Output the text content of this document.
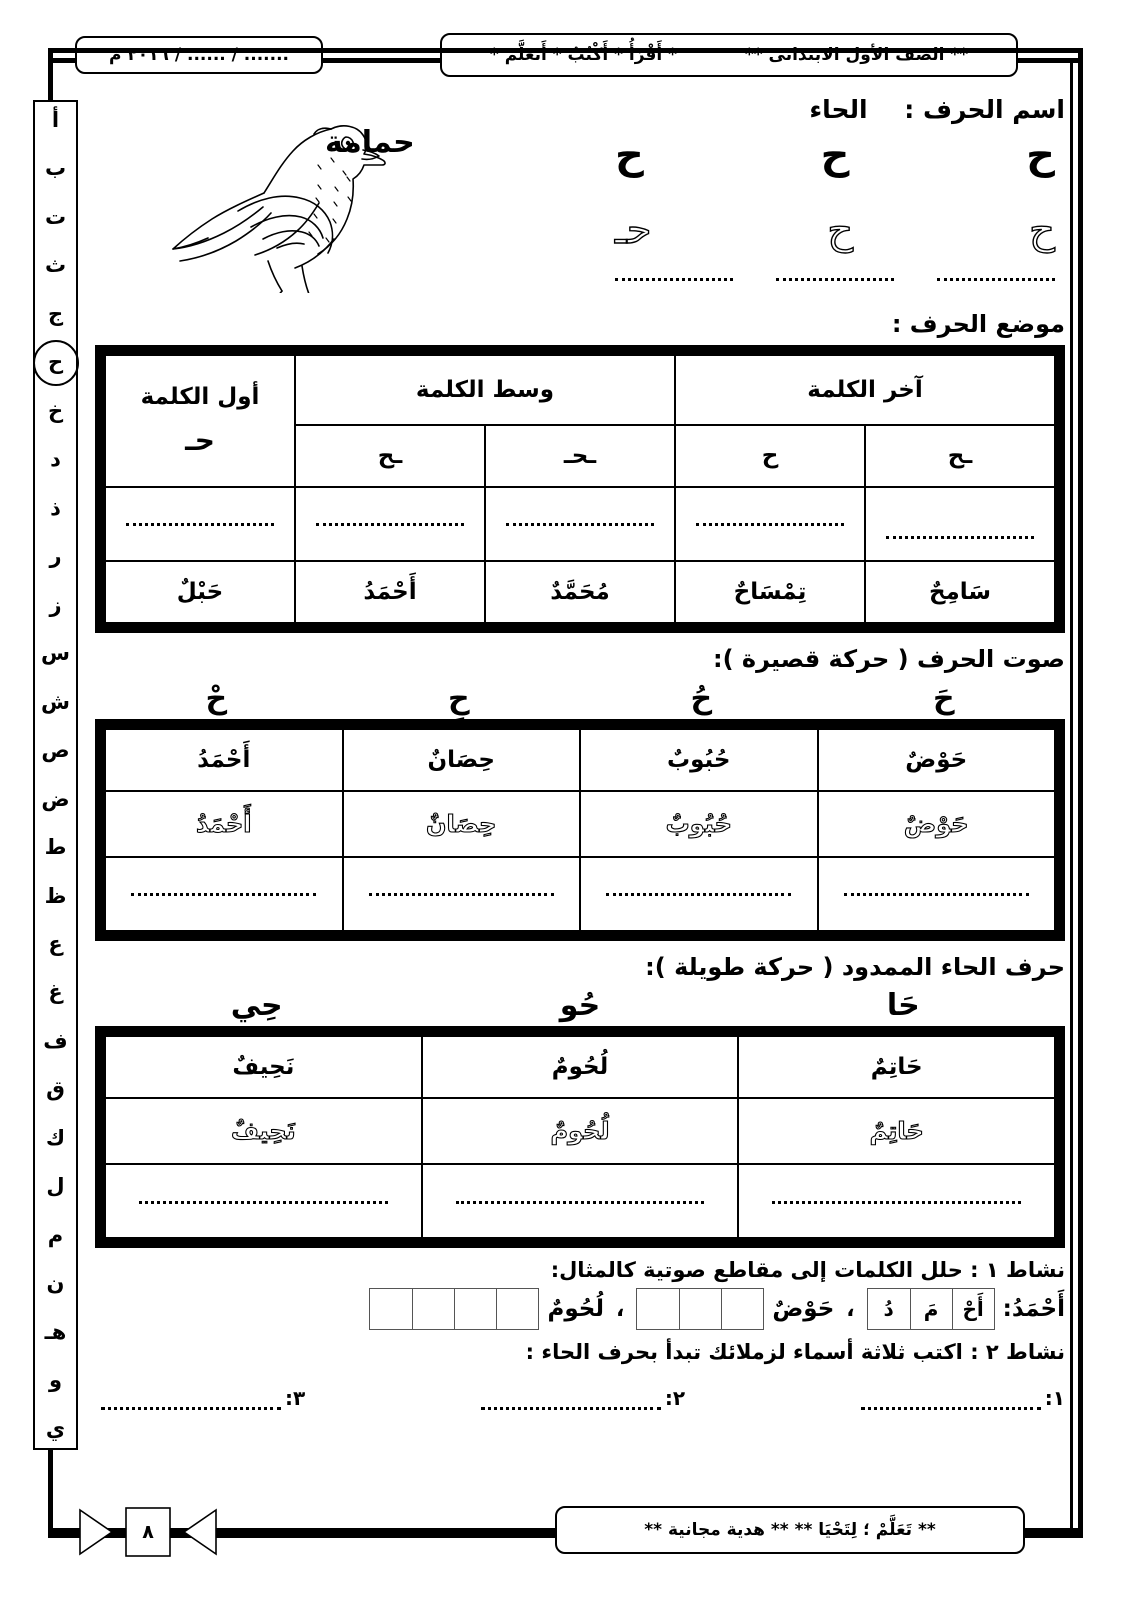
** الصف الأول الابتدائى **
* أَقْرَأُ * أَكْتُبُ * أَتَعَلَّمُ *
....... / ...... / ٢٠١٦ م
أ
ب
ت
ث
ج
ح
خ
د
ذ
ر
ز
س
ش
ص
ض
ط
ظ
ع
غ
ف
ق
ك
ل
م
ن
هـ
و
ي
اسم الحرف : الحاء
ح
ح
ح
ح
ح
حـ
حمامة
موضع الحرف :
آخر الكلمة		وسط الكلمة		أول الكلمة
حـ

ـح	ح	ـحـ	ـح	

سَامِحٌ	تِمْسَاحٌ	مُحَمَّدٌ	أَحْمَدُ	حَبْلٌ
صوت الحرف ( حركة قصيرة ):
حَ
حُ
حِ
حْ
حَوْضٌ	حُبُوبٌ	حِصَانٌ	أَحْمَدُ
حَوْضٌ	حُبُوبٌ	حِصَانٌ	أَحْمَدُ

حرف الحاء الممدود ( حركة طويلة ):
حَا
حُو
حِي
حَاتِمٌ	لُحُومٌ	نَحِيفٌ
حَاتِمٌ	لُحُومٌ	نَحِيفٌ

نشاط ١ : حلل الكلمات إلى مقاطع صوتية كالمثال:
أَحْمَدُ:
أَحْ
مَ
دُ
،
حَوْضٌ
،
لُحُومٌ
نشاط ٢ : اكتب ثلاثة أسماء لزملائك تبدأ بحرف الحاء :
١:
٢:
٣:
** تَعَلَّمْ ؛ لِتَحْيَا ** ** هدية مجانية **
٨
